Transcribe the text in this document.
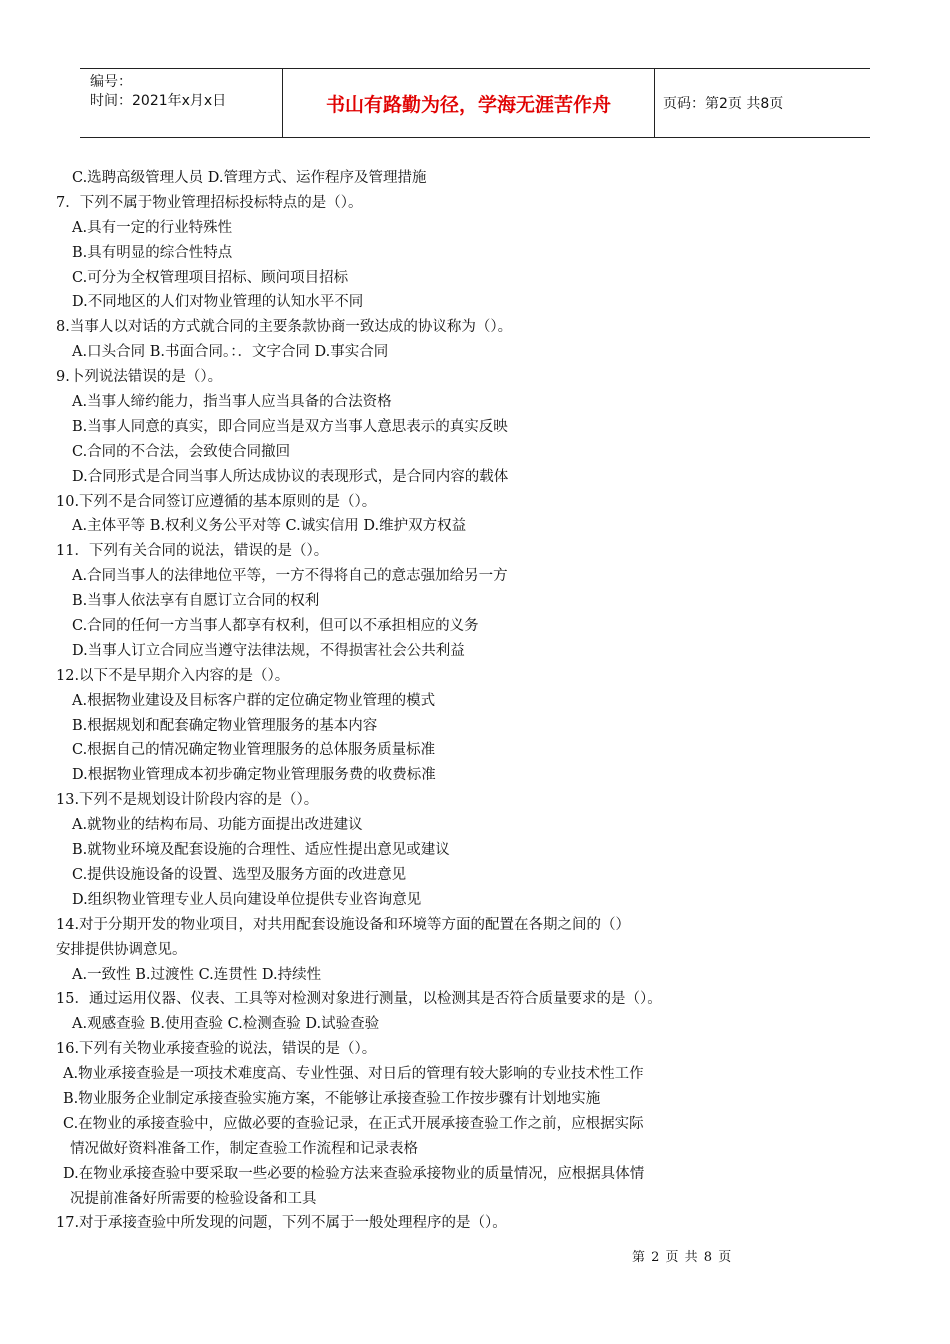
编号：
时间：2021年x月x日	书山有路勤为径，学海无涯苦作舟	页码：第2页 共8页
C.选聘高级管理人员 D.管理方式、运作程序及管理措施
7．下列不属于物业管理招标投标特点的是（）。
A.具有一定的行业特殊性
B.具有明显的综合性特点
C.可分为全权管理项目招标、顾问项目招标
D.不同地区的人们对物业管理的认知水平不同
8.当事人以对话的方式就合同的主要条款协商一致达成的协议称为（）。
A.口头合同 B.书面合同。：．文字合同 D.事实合同
9.卜列说法错误的是（）。
A.当事人缔约能力，指当事人应当具备的合法资格
B.当事人同意的真实，即合同应当是双方当事人意思表示的真实反映
C.合同的不合法，会致使合同撤回
D.合同形式是合同当事人所达成协议的表现形式，是合同内容的载体
10.下列不是合同签订应遵循的基本原则的是（）。
A.主体平等 B.权利义务公平对等 C.诚实信用 D.维护双方权益
11．下列有关合同的说法，错误的是（）。
A.合同当事人的法律地位平等，一方不得将自己的意志强加给另一方
B.当事人依法享有自愿订立合同的权利
C.合同的任何一方当事人都享有权利，但可以不承担相应的义务
D.当事人订立合同应当遵守法律法规，不得损害社会公共利益
12.以下不是早期介入内容的是（）。
A.根据物业建设及目标客户群的定位确定物业管理的模式
B.根据规划和配套确定物业管理服务的基本内容
C.根据自己的情况确定物业管理服务的总体服务质量标准
D.根据物业管理成本初步确定物业管理服务费的收费标准
13.下列不是规划设计阶段内容的是（）。
A.就物业的结构布局、功能方面提出改进建议
B.就物业环境及配套设施的合理性、适应性提出意见或建议
C.提供设施设备的设置、选型及服务方面的改进意见
D.组织物业管理专业人员向建设单位提供专业咨询意见
14.对于分期开发的物业项目，对共用配套设施设备和环境等方面的配置在各期之间的（）
安排提供协调意见。
A.一致性 B.过渡性 C.连贯性 D.持续性
15．通过运用仪器、仪表、工具等对检测对象进行测量，以检测其是否符合质量要求的是（）。
A.观感查验 B.使用查验 C.检测查验 D.试验查验
16.下列有关物业承接查验的说法，错误的是（）。
A.物业承接查验是一项技术难度高、专业性强、对日后的管理有较大影响的专业技术性工作
B.物业服务企业制定承接查验实施方案，不能够让承接查验工作按步骤有计划地实施
C.在物业的承接查验中，应做必要的查验记录，在正式开展承接查验工作之前，应根据实际
情况做好资料准备工作，制定查验工作流程和记录表格
D.在物业承接查验中要采取一些必要的检验方法来查验承接物业的质量情况，应根据具体情
况提前准备好所需要的检验设备和工具
17.对于承接查验中所发现的问题，下列不属于一般处理程序的是（）。
第 2 页 共 8 页
